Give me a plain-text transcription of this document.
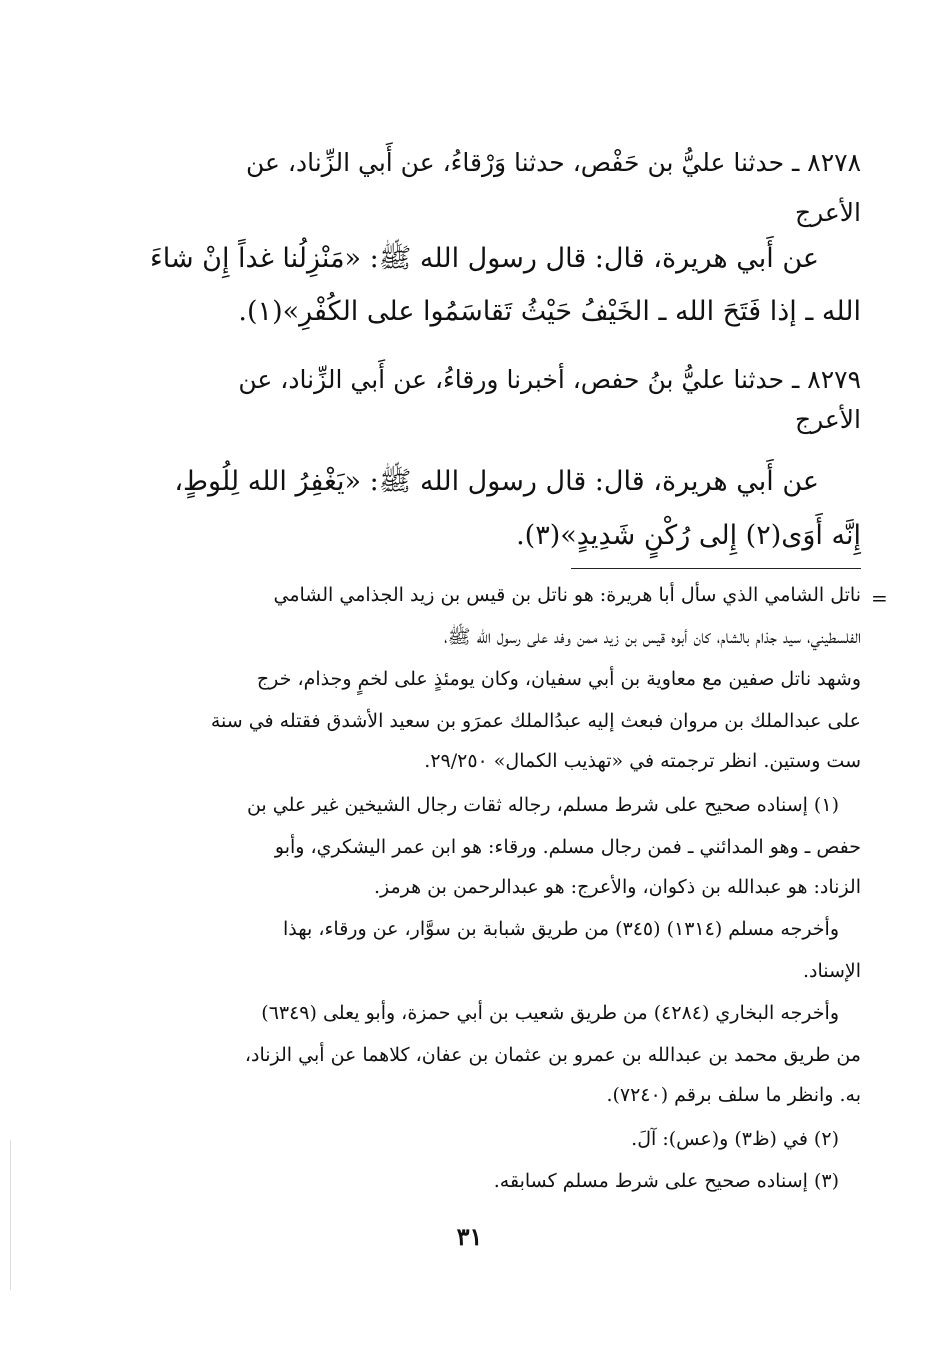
٨٢٧٨ ـ حدثنا عليُّ بن حَفْص، حدثنا وَرْقاءُ، عن أَبي الزِّناد، عن
الأعرج
عن أَبي هريرة، قال: قال رسول الله ﷺ: «مَنْزِلُنا غداً إِنْ شاءَ
الله ـ إذا فَتَحَ الله ـ الخَيْفُ حَيْثُ تَقاسَمُوا على الكُفْرِ»(١).
٨٢٧٩ ـ حدثنا عليُّ بنُ حفص، أخبرنا ورقاءُ، عن أَبي الزِّناد، عن
الأعرج
عن أَبي هريرة، قال: قال رسول الله ﷺ: «يَغْفِرُ الله لِلُوطٍ،
إِنَّه أَوَى(٢) إِلى رُكْنٍ شَدِيدٍ»(٣).
=
ناتل الشامي الذي سأل أبا هريرة: هو ناتل بن قيس بن زيد الجذامي الشامي
الفلسطيني، سيد جذام بالشام، كان أبوه قيس بن زيد ممن وفد على رسول الله ﷺ،
وشهد ناتل صفين مع معاوية بن أبي سفيان، وكان يومئذٍ على لخمٍ وجذام، خرج
على عبدالملك بن مروان فبعث إليه عبدُالملك عمرَو بن سعيد الأشدق فقتله في سنة
ست وستين. انظر ترجمته في «تهذيب الكمال» ٢٩/٢٥٠.
(١) إسناده صحيح على شرط مسلم، رجاله ثقات رجال الشيخين غير علي بن
حفص ـ وهو المدائني ـ فمن رجال مسلم. ورقاء: هو ابن عمر اليشكري، وأبو
الزناد: هو عبدالله بن ذكوان، والأعرج: هو عبدالرحمن بن هرمز.
وأخرجه مسلم (١٣١٤) (٣٤٥) من طريق شبابة بن سوَّار، عن ورقاء، بهذا
الإسناد.
وأخرجه البخاري (٤٢٨٤) من طريق شعيب بن أبي حمزة، وأبو يعلى (٦٣٤٩)
من طريق محمد بن عبدالله بن عمرو بن عثمان بن عفان، كلاهما عن أبي الزناد،
به. وانظر ما سلف برقم (٧٢٤٠).
(٢) في (ظ٣) و(عس): آلَ.
(٣) إسناده صحيح على شرط مسلم كسابقه.
٣١
